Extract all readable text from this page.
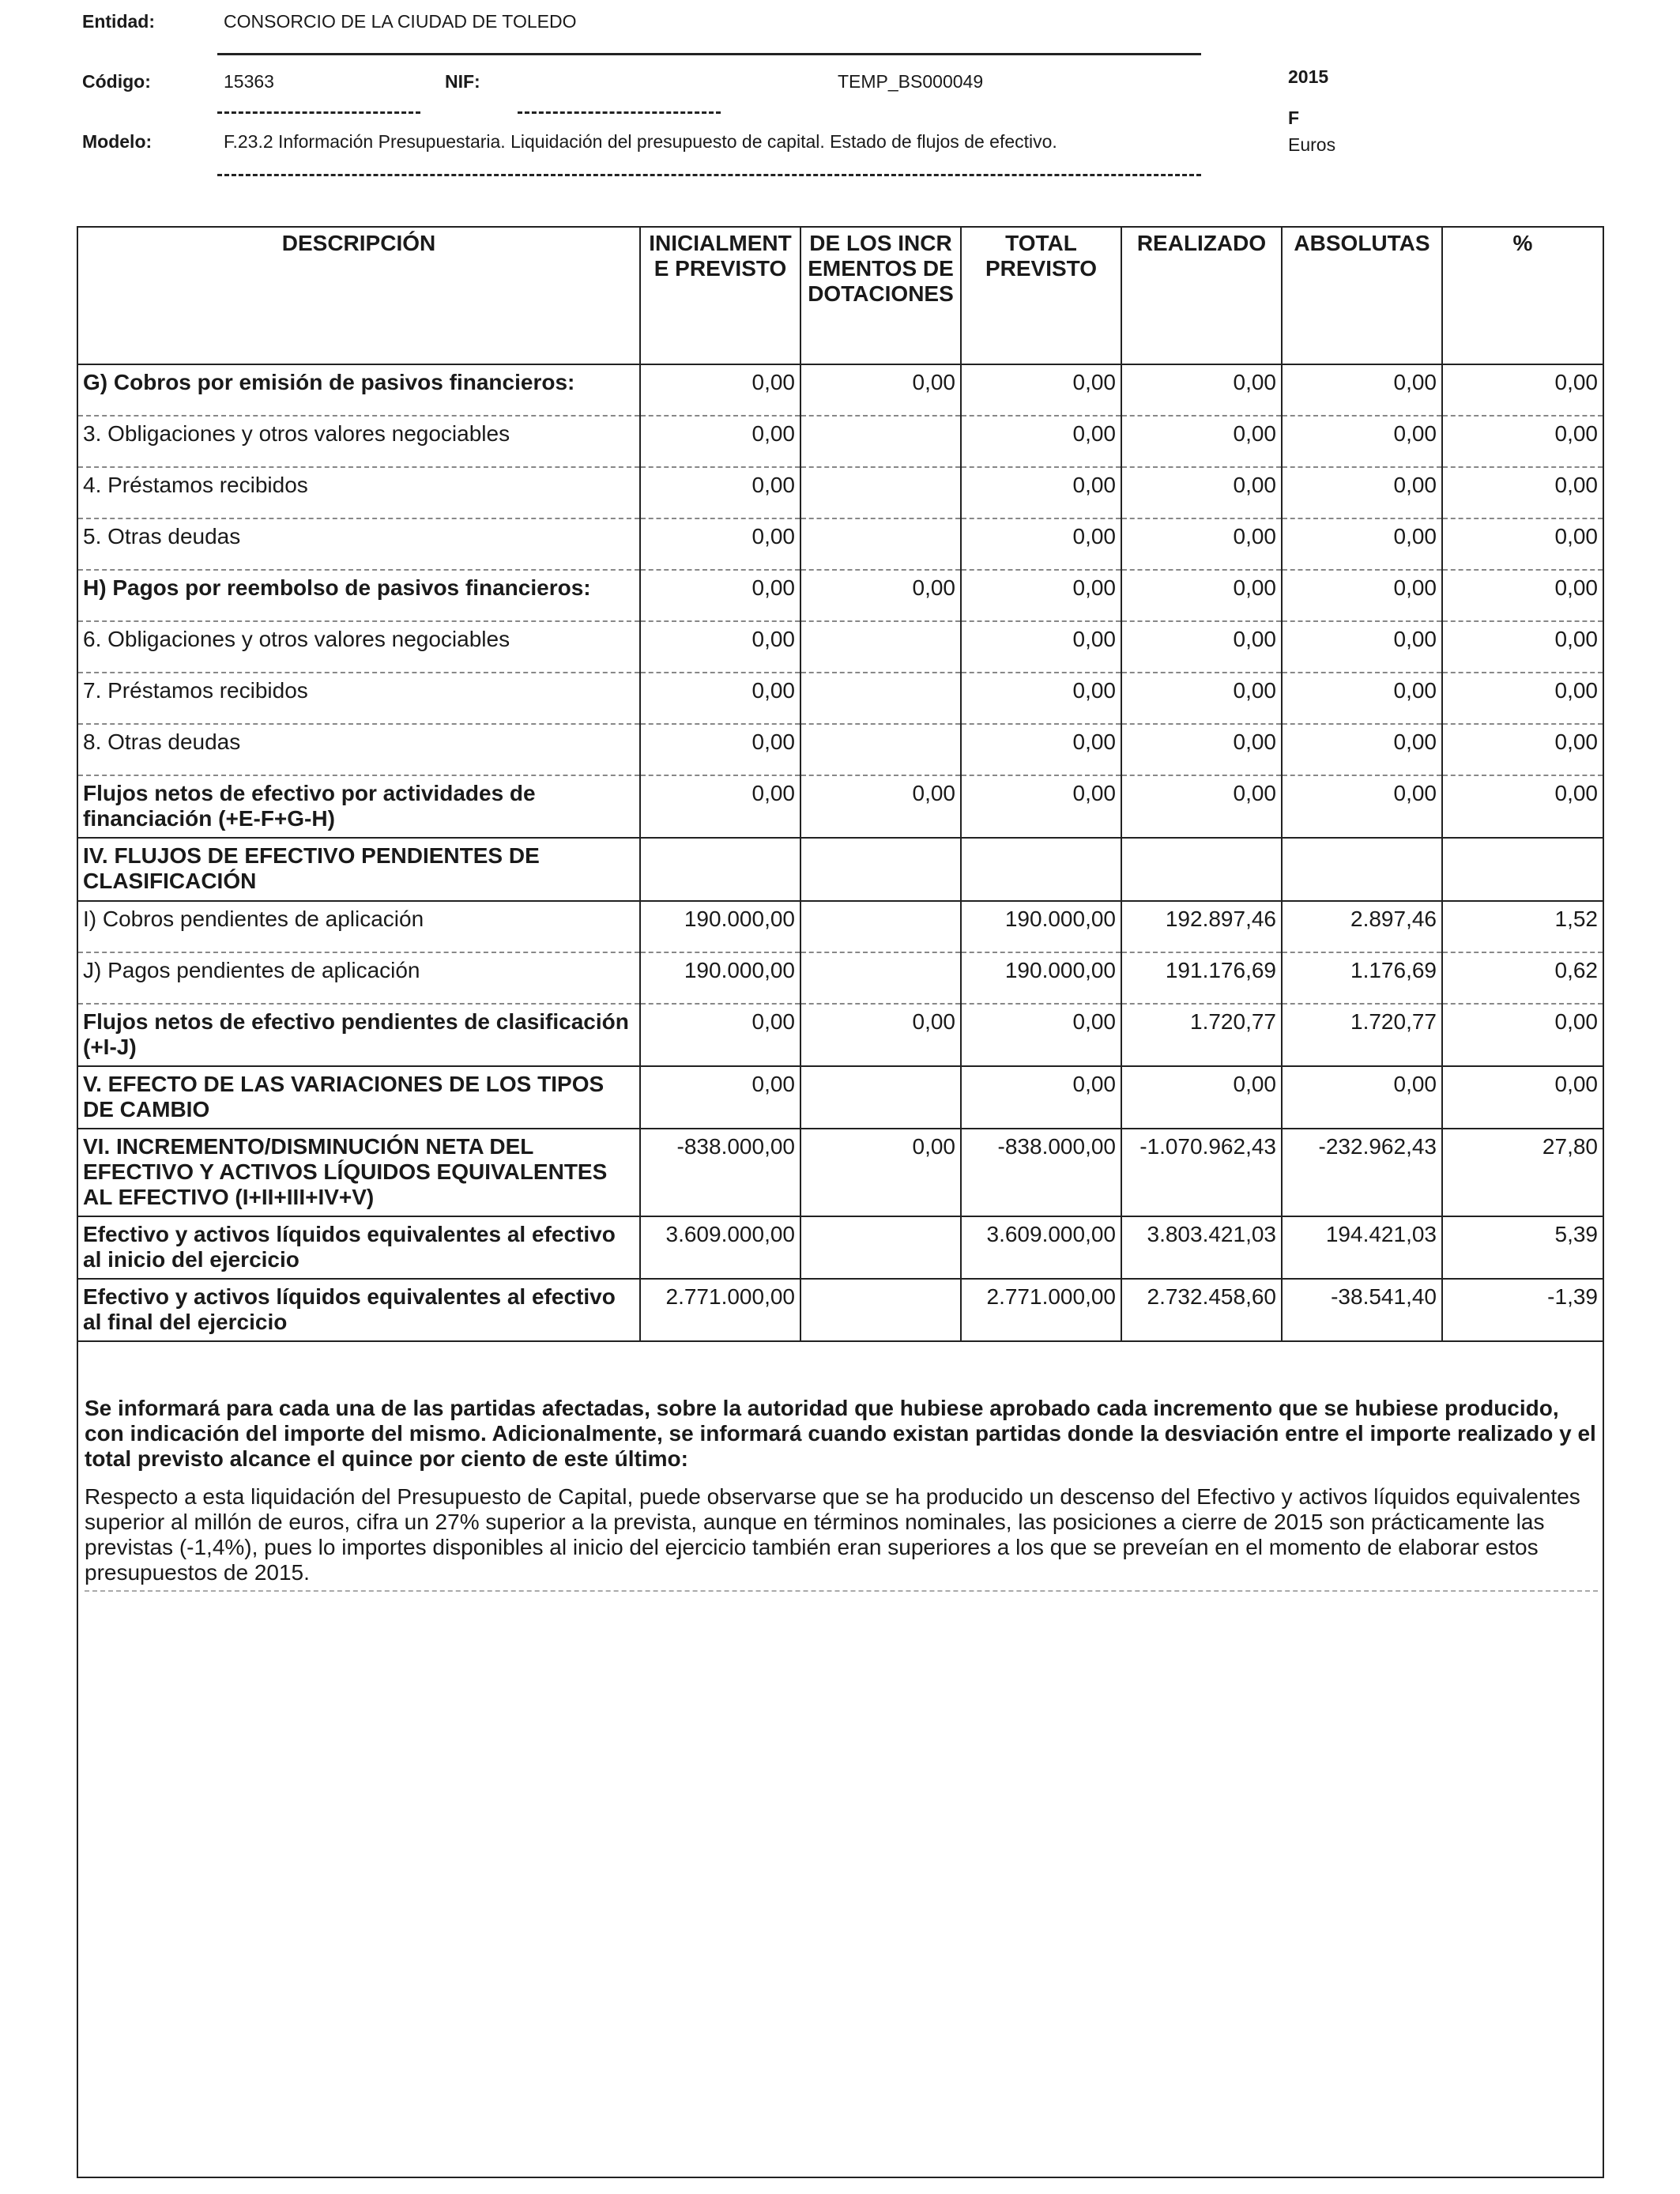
Entidad:	CONSORCIO DE LA CIUDAD DE TOLEDO
Código:	15363	NIF:	TEMP_BS000049
Modelo:	F.23.2 Información Presupuestaria. Liquidación del presupuesto de capital. Estado de flujos de efectivo.
2015
F
Euros
DESCRIPCIÓN	INICIALMENTE PREVISTO	DE LOS INCREMENTOS DE DOTACIONES	TOTAL PREVISTO	REALIZADO	ABSOLUTAS	%
G) Cobros por emisión de pasivos financieros:	0,00	0,00	0,00	0,00	0,00	0,00
3. Obligaciones y otros valores negociables	0,00		0,00	0,00	0,00	0,00
4. Préstamos recibidos	0,00		0,00	0,00	0,00	0,00
5. Otras deudas	0,00		0,00	0,00	0,00	0,00
H) Pagos por reembolso de pasivos financieros:	0,00	0,00	0,00	0,00	0,00	0,00
6. Obligaciones y otros valores negociables	0,00		0,00	0,00	0,00	0,00
7. Préstamos recibidos	0,00		0,00	0,00	0,00	0,00
8. Otras deudas	0,00		0,00	0,00	0,00	0,00
Flujos netos de efectivo por actividades de financiación (+E-F+G-H)	0,00	0,00	0,00	0,00	0,00	0,00
IV. FLUJOS DE EFECTIVO PENDIENTES DE CLASIFICACIÓN						
I) Cobros pendientes de aplicación	190.000,00		190.000,00	192.897,46	2.897,46	1,52
J) Pagos pendientes de aplicación	190.000,00		190.000,00	191.176,69	1.176,69	0,62
Flujos netos de efectivo pendientes de clasificación (+I-J)	0,00	0,00	0,00	1.720,77	1.720,77	0,00
V. EFECTO DE LAS VARIACIONES DE LOS TIPOS DE CAMBIO	0,00		0,00	0,00	0,00	0,00
VI. INCREMENTO/DISMINUCIÓN NETA DEL EFECTIVO Y ACTIVOS LÍQUIDOS EQUIVALENTES AL EFECTIVO (I+II+III+IV+V)	-838.000,00	0,00	-838.000,00	-1.070.962,43	-232.962,43	27,80
Efectivo y activos líquidos equivalentes al efectivo al inicio del ejercicio	3.609.000,00		3.609.000,00	3.803.421,03	194.421,03	5,39
Efectivo y activos líquidos equivalentes al efectivo al final del ejercicio	2.771.000,00		2.771.000,00	2.732.458,60	-38.541,40	-1,39
Se informará para cada una de las partidas afectadas, sobre la autoridad que hubiese aprobado cada incremento que se hubiese producido, con indicación del importe del mismo. Adicionalmente, se informará cuando existan partidas donde la desviación entre el importe realizado y el total previsto alcance el quince por ciento de este último:
Respecto a esta liquidación del Presupuesto de Capital, puede observarse que se ha producido un descenso del Efectivo y activos líquidos equivalentes superior al millón de euros, cifra un 27% superior a la prevista, aunque en términos nominales, las posiciones a cierre de 2015 son prácticamente las previstas (-1,4%), pues lo importes disponibles al inicio del ejercicio también eran superiores a los que se preveían en el momento de elaborar estos presupuestos de 2015.
